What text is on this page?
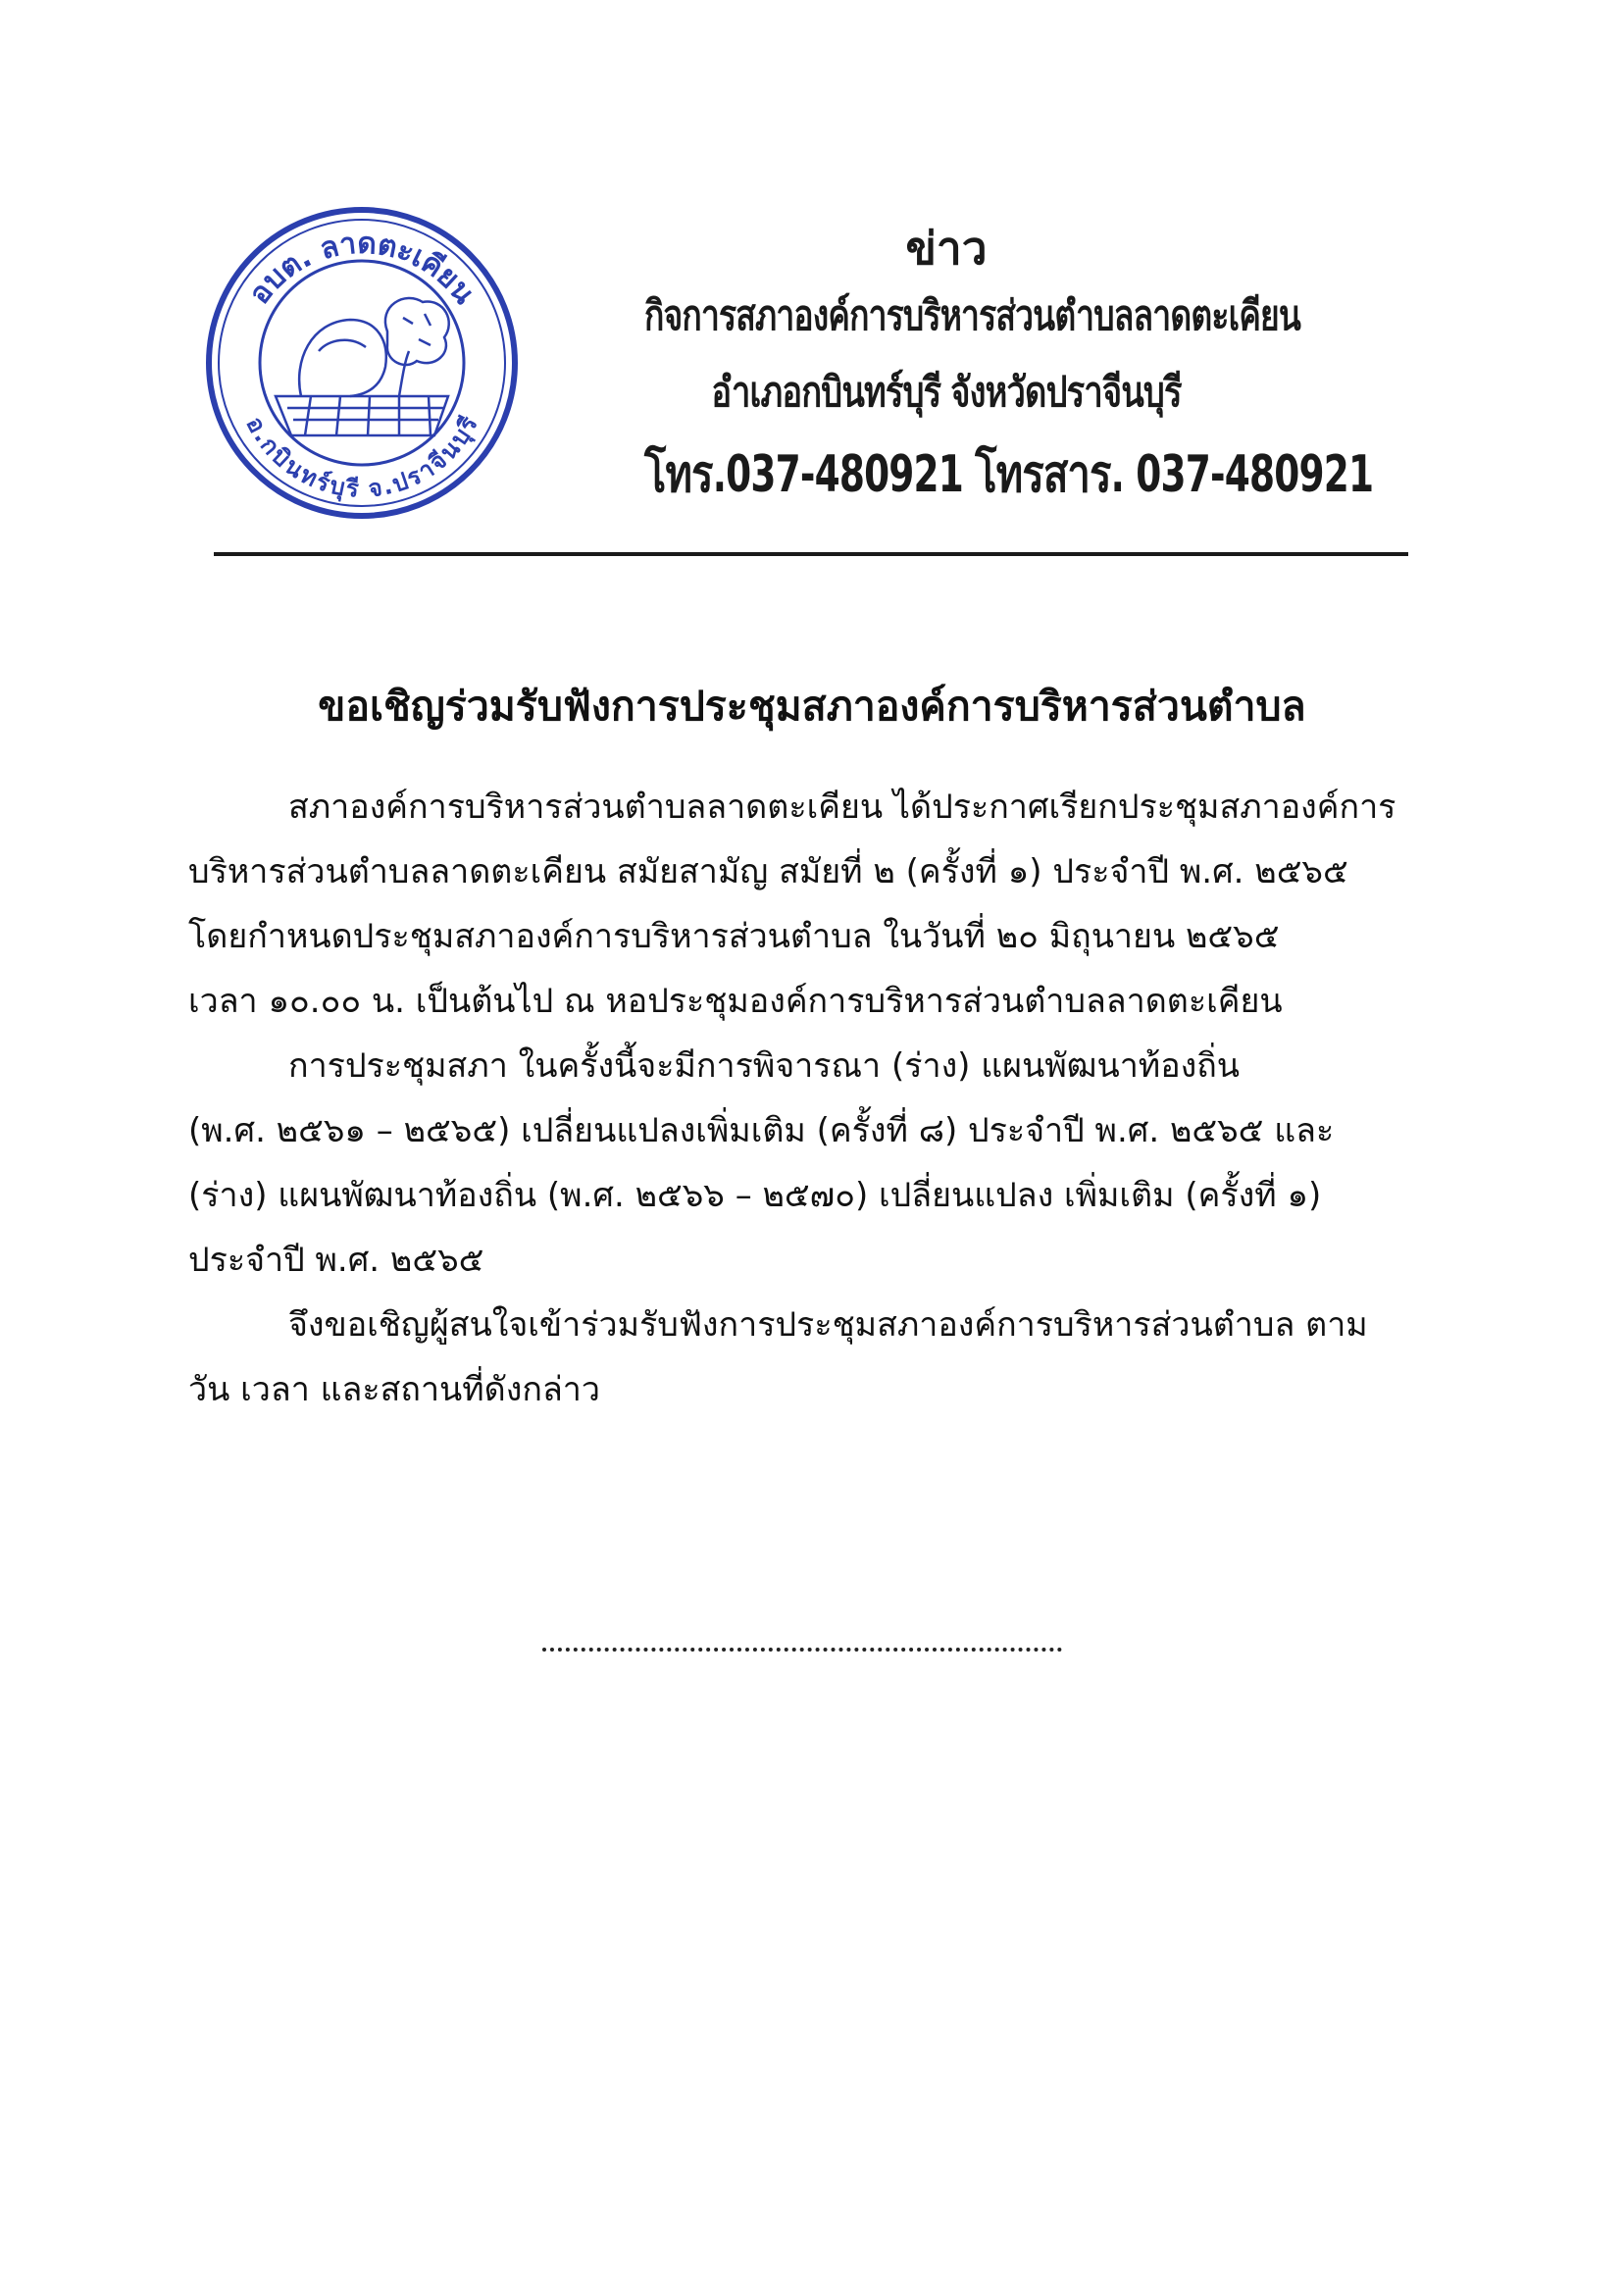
อบต. ลาดตะเคียน
อ.กบินทร์บุรี จ.ปราจีนบุรี
ข่าว
กิจการสภาองค์การบริหารส่วนตำบลลาดตะเคียน
อำเภอกบินทร์บุรี จังหวัดปราจีนบุรี
โทร.037-480921 โทรสาร. 037-480921
ขอเชิญร่วมรับฟังการประชุมสภาองค์การบริหารส่วนตำบล
สภาองค์การบริหารส่วนตำบลลาดตะเคียน ได้ประกาศเรียกประชุมสภาองค์การ
บริหารส่วนตำบลลาดตะเคียน สมัยสามัญ สมัยที่ ๒ (ครั้งที่ ๑) ประจำปี พ.ศ. ๒๕๖๕
โดยกำหนดประชุมสภาองค์การบริหารส่วนตำบล ในวันที่ ๒๐ มิถุนายน ๒๕๖๕
เวลา ๑๐.๐๐ น. เป็นต้นไป ณ หอประชุมองค์การบริหารส่วนตำบลลาดตะเคียน
การประชุมสภา ในครั้งนี้จะมีการพิจารณา (ร่าง) แผนพัฒนาท้องถิ่น
(พ.ศ. ๒๕๖๑ – ๒๕๖๕) เปลี่ยนแปลงเพิ่มเติม (ครั้งที่ ๘) ประจำปี พ.ศ. ๒๕๖๕ และ
(ร่าง) แผนพัฒนาท้องถิ่น (พ.ศ. ๒๕๖๖ – ๒๕๗๐) เปลี่ยนแปลง เพิ่มเติม (ครั้งที่ ๑)
ประจำปี พ.ศ. ๒๕๖๕
จึงขอเชิญผู้สนใจเข้าร่วมรับฟังการประชุมสภาองค์การบริหารส่วนตำบล ตาม
วัน เวลา และสถานที่ดังกล่าว
